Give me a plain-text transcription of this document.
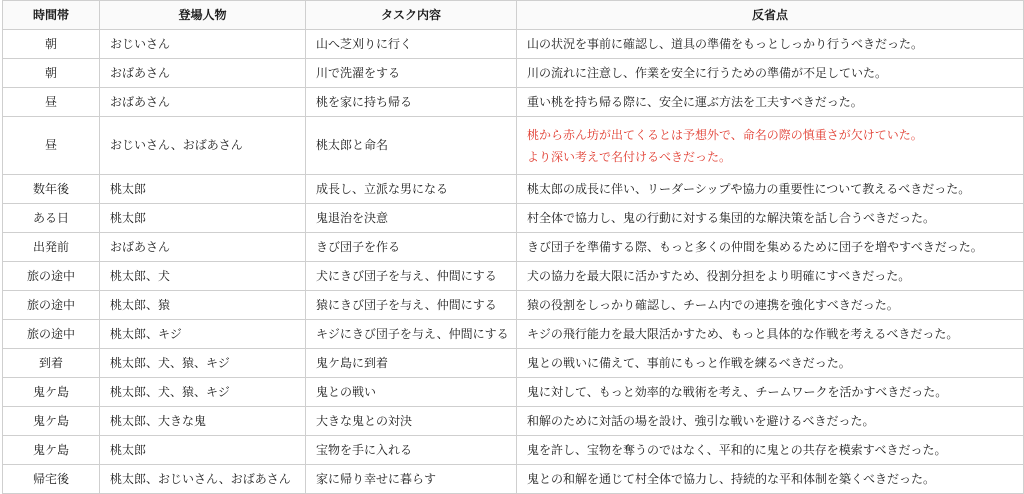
時間帯	登場人物	タスク内容	反省点
朝	おじいさん	山へ芝刈りに行く	山の状況を事前に確認し、道具の準備をもっとしっかり行うべきだった。

朝	おばあさん	川で洗濯をする	川の流れに注意し、作業を安全に行うための準備が不足していた。

昼	おばあさん	桃を家に持ち帰る	重い桃を持ち帰る際に、安全に運ぶ方法を工夫すべきだった。

昼	おじいさん、おばあさん	桃太郎と命名	桃から赤ん坊が出てくるとは予想外で、命名の際の慎重さが欠けていた。
より深い考えで名付けるべきだった。

数年後	桃太郎	成長し、立派な男になる	桃太郎の成長に伴い、リーダーシップや協力の重要性について教えるべきだった。

ある日	桃太郎	鬼退治を決意	村全体で協力し、鬼の行動に対する集団的な解決策を話し合うべきだった。

出発前	おばあさん	きび団子を作る	きび団子を準備する際、もっと多くの仲間を集めるために団子を増やすべきだった。

旅の途中	桃太郎、犬	犬にきび団子を与え、仲間にする	犬の協力を最大限に活かすため、役割分担をより明確にすべきだった。

旅の途中	桃太郎、猿	猿にきび団子を与え、仲間にする	猿の役割をしっかり確認し、チーム内での連携を強化すべきだった。

旅の途中	桃太郎、キジ	キジにきび団子を与え、仲間にする	キジの飛行能力を最大限活かすため、もっと具体的な作戦を考えるべきだった。

到着	桃太郎、犬、猿、キジ	鬼ケ島に到着	鬼との戦いに備えて、事前にもっと作戦を練るべきだった。

鬼ケ島	桃太郎、犬、猿、キジ	鬼との戦い	鬼に対して、もっと効率的な戦術を考え、チームワークを活かすべきだった。

鬼ケ島	桃太郎、大きな鬼	大きな鬼との対決	和解のために対話の場を設け、強引な戦いを避けるべきだった。

鬼ケ島	桃太郎	宝物を手に入れる	鬼を許し、宝物を奪うのではなく、平和的に鬼との共存を模索すべきだった。

帰宅後	桃太郎、おじいさん、おばあさん	家に帰り幸せに暮らす	鬼との和解を通じて村全体で協力し、持続的な平和体制を築くべきだった。
